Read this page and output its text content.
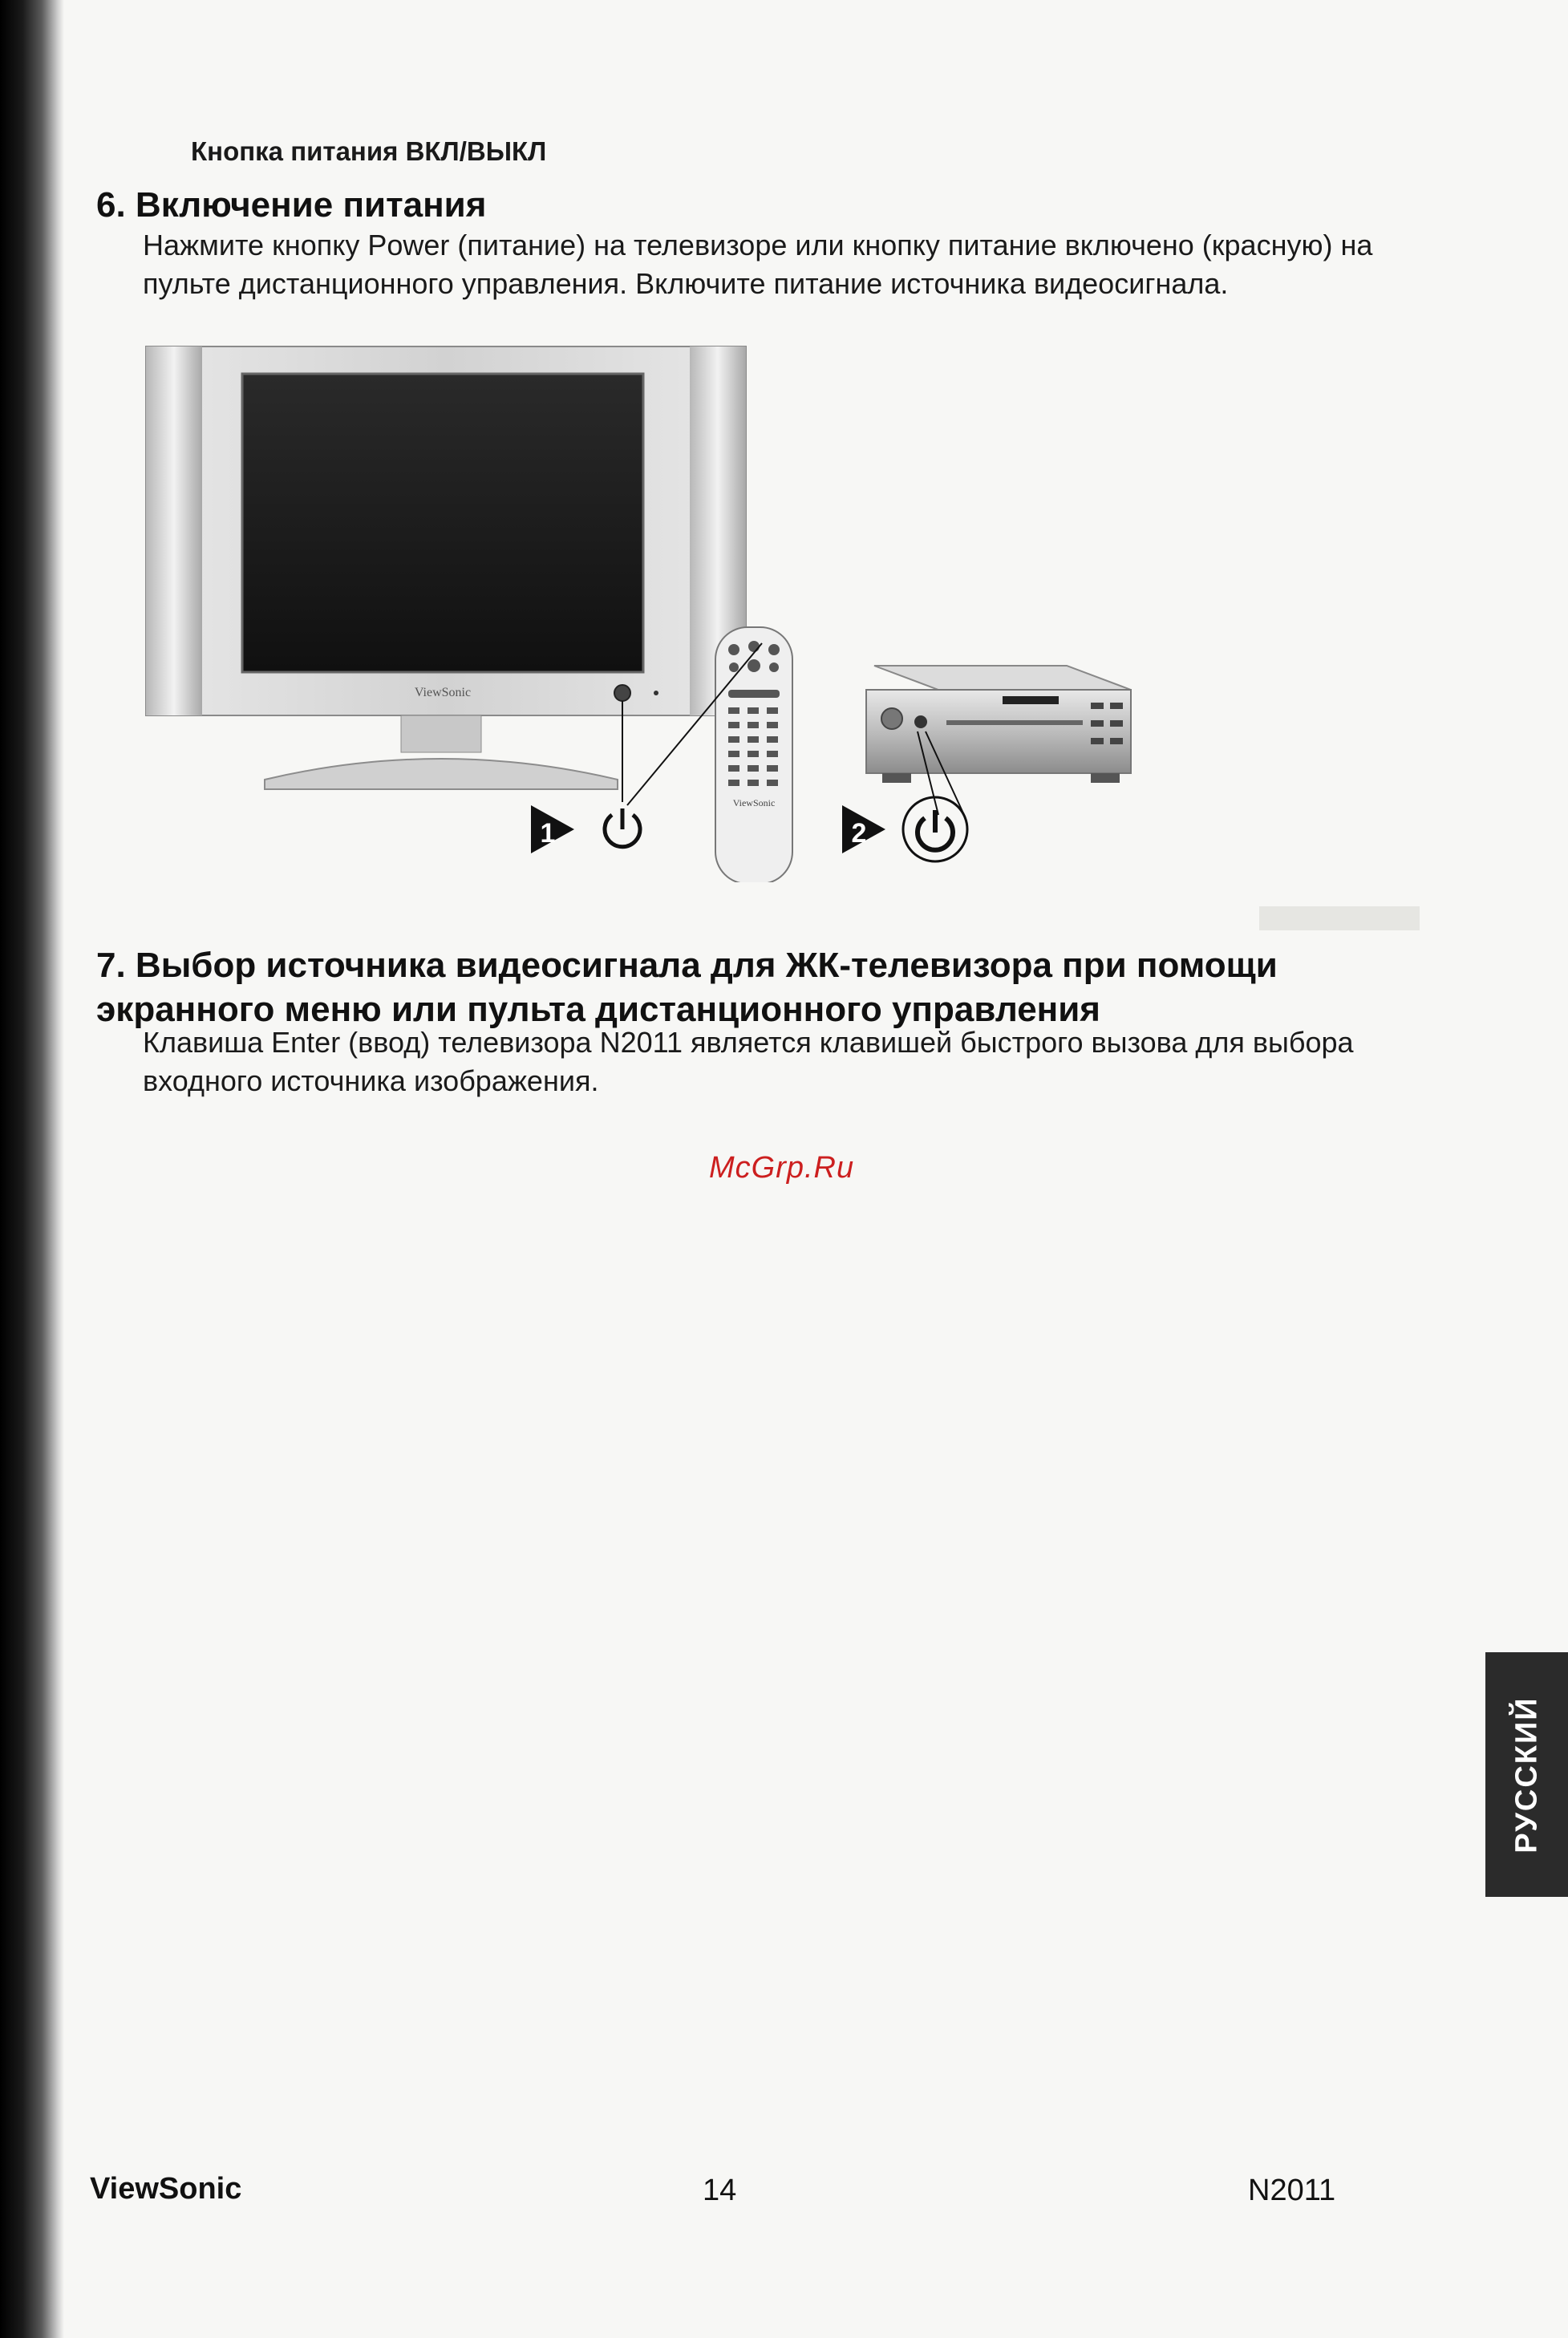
Кнопка питания ВКЛ/ВЫКЛ
6. Включение питания
Нажмите кнопку Power (питание) на телевизоре или кнопку питание включено (красную) на пульте дистанционного управления. Включите питание источника видеосигнала.
ViewSonic
ViewSonic
1	2
7. Выбор источника видеосигнала для ЖК-телевизора при помощи экранного меню или пульта дистанционного управления
Клавиша Enter (ввод) телевизора N2011 является клавишей быстрого вызова для выбора входного источника изображения.
McGrp.Ru
ViewSonic	14	N2011
РУССКИЙ
